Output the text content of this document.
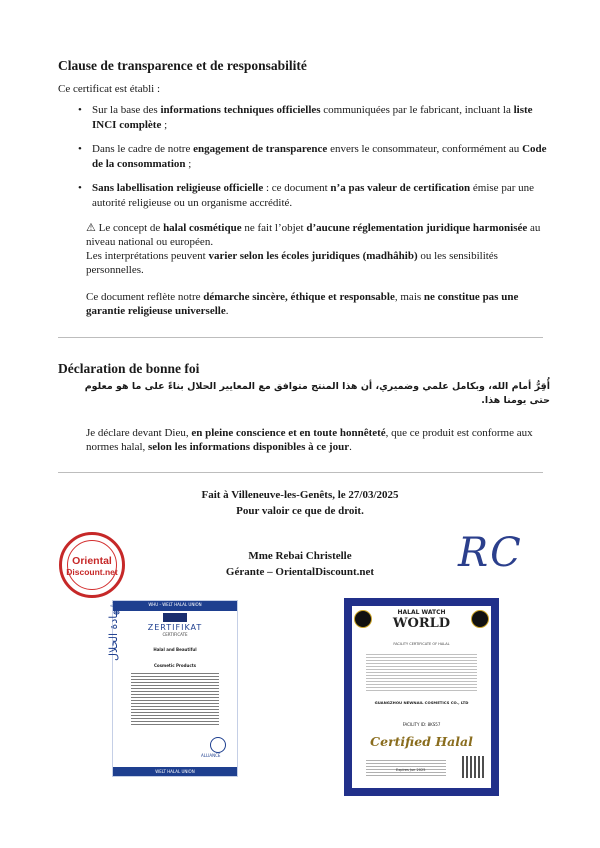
Clause de transparence et de responsabilité
Ce certificat est établi :
• Sur la base des informations techniques officielles communiquées par le fabricant, incluant la liste INCI complète ;
• Dans le cadre de notre engagement de transparence envers le consommateur, conformément au Code de la consommation ;
• Sans labellisation religieuse officielle : ce document n’a pas valeur de certification émise par une autorité religieuse ou un organisme accrédité.
⚠ Le concept de halal cosmétique ne fait l’objet d’aucune réglementation juridique harmonisée au niveau national ou européen.
Les interprétations peuvent varier selon les écoles juridiques (madhâhib) ou les sensibilités personnelles.
Ce document reflète notre démarche sincère, éthique et responsable, mais ne constitue pas une garantie religieuse universelle.
Déclaration de bonne foi
أُقِرُّ أمام الله، وبكامل علمي وضميري، أن هذا المنتج متوافق مع المعايير الحلال بناءً على ما هو معلوم حتى يومنا هذا.
Je déclare devant Dieu, en pleine conscience et en toute honnêteté, que ce produit est conforme aux normes halal, selon les informations disponibles à ce jour.
Fait à Villeneuve-les-Genêts, le 27/03/2025
Pour valoir ce que de droit.
Mme Rebai Christelle
Gérante – OrientalDiscount.net	RC
Oriental
Discount.net
WHU - WELT HALAL UNION
ZERTIFIKAT
CERTIFICATE
Halal and Beautiful
Cosmetic Products
شهادة الحلال
ALLIANCE
WELT HALAL UNION
HALAL WATCH
WORLD
FACILITY CERTIFICATE OF HALAL
GUANGZHOU NEWNAIL COSMETICS CO., LTD
FACILITY ID: 8KS57
Certified Halal
Expires Jun 2025
